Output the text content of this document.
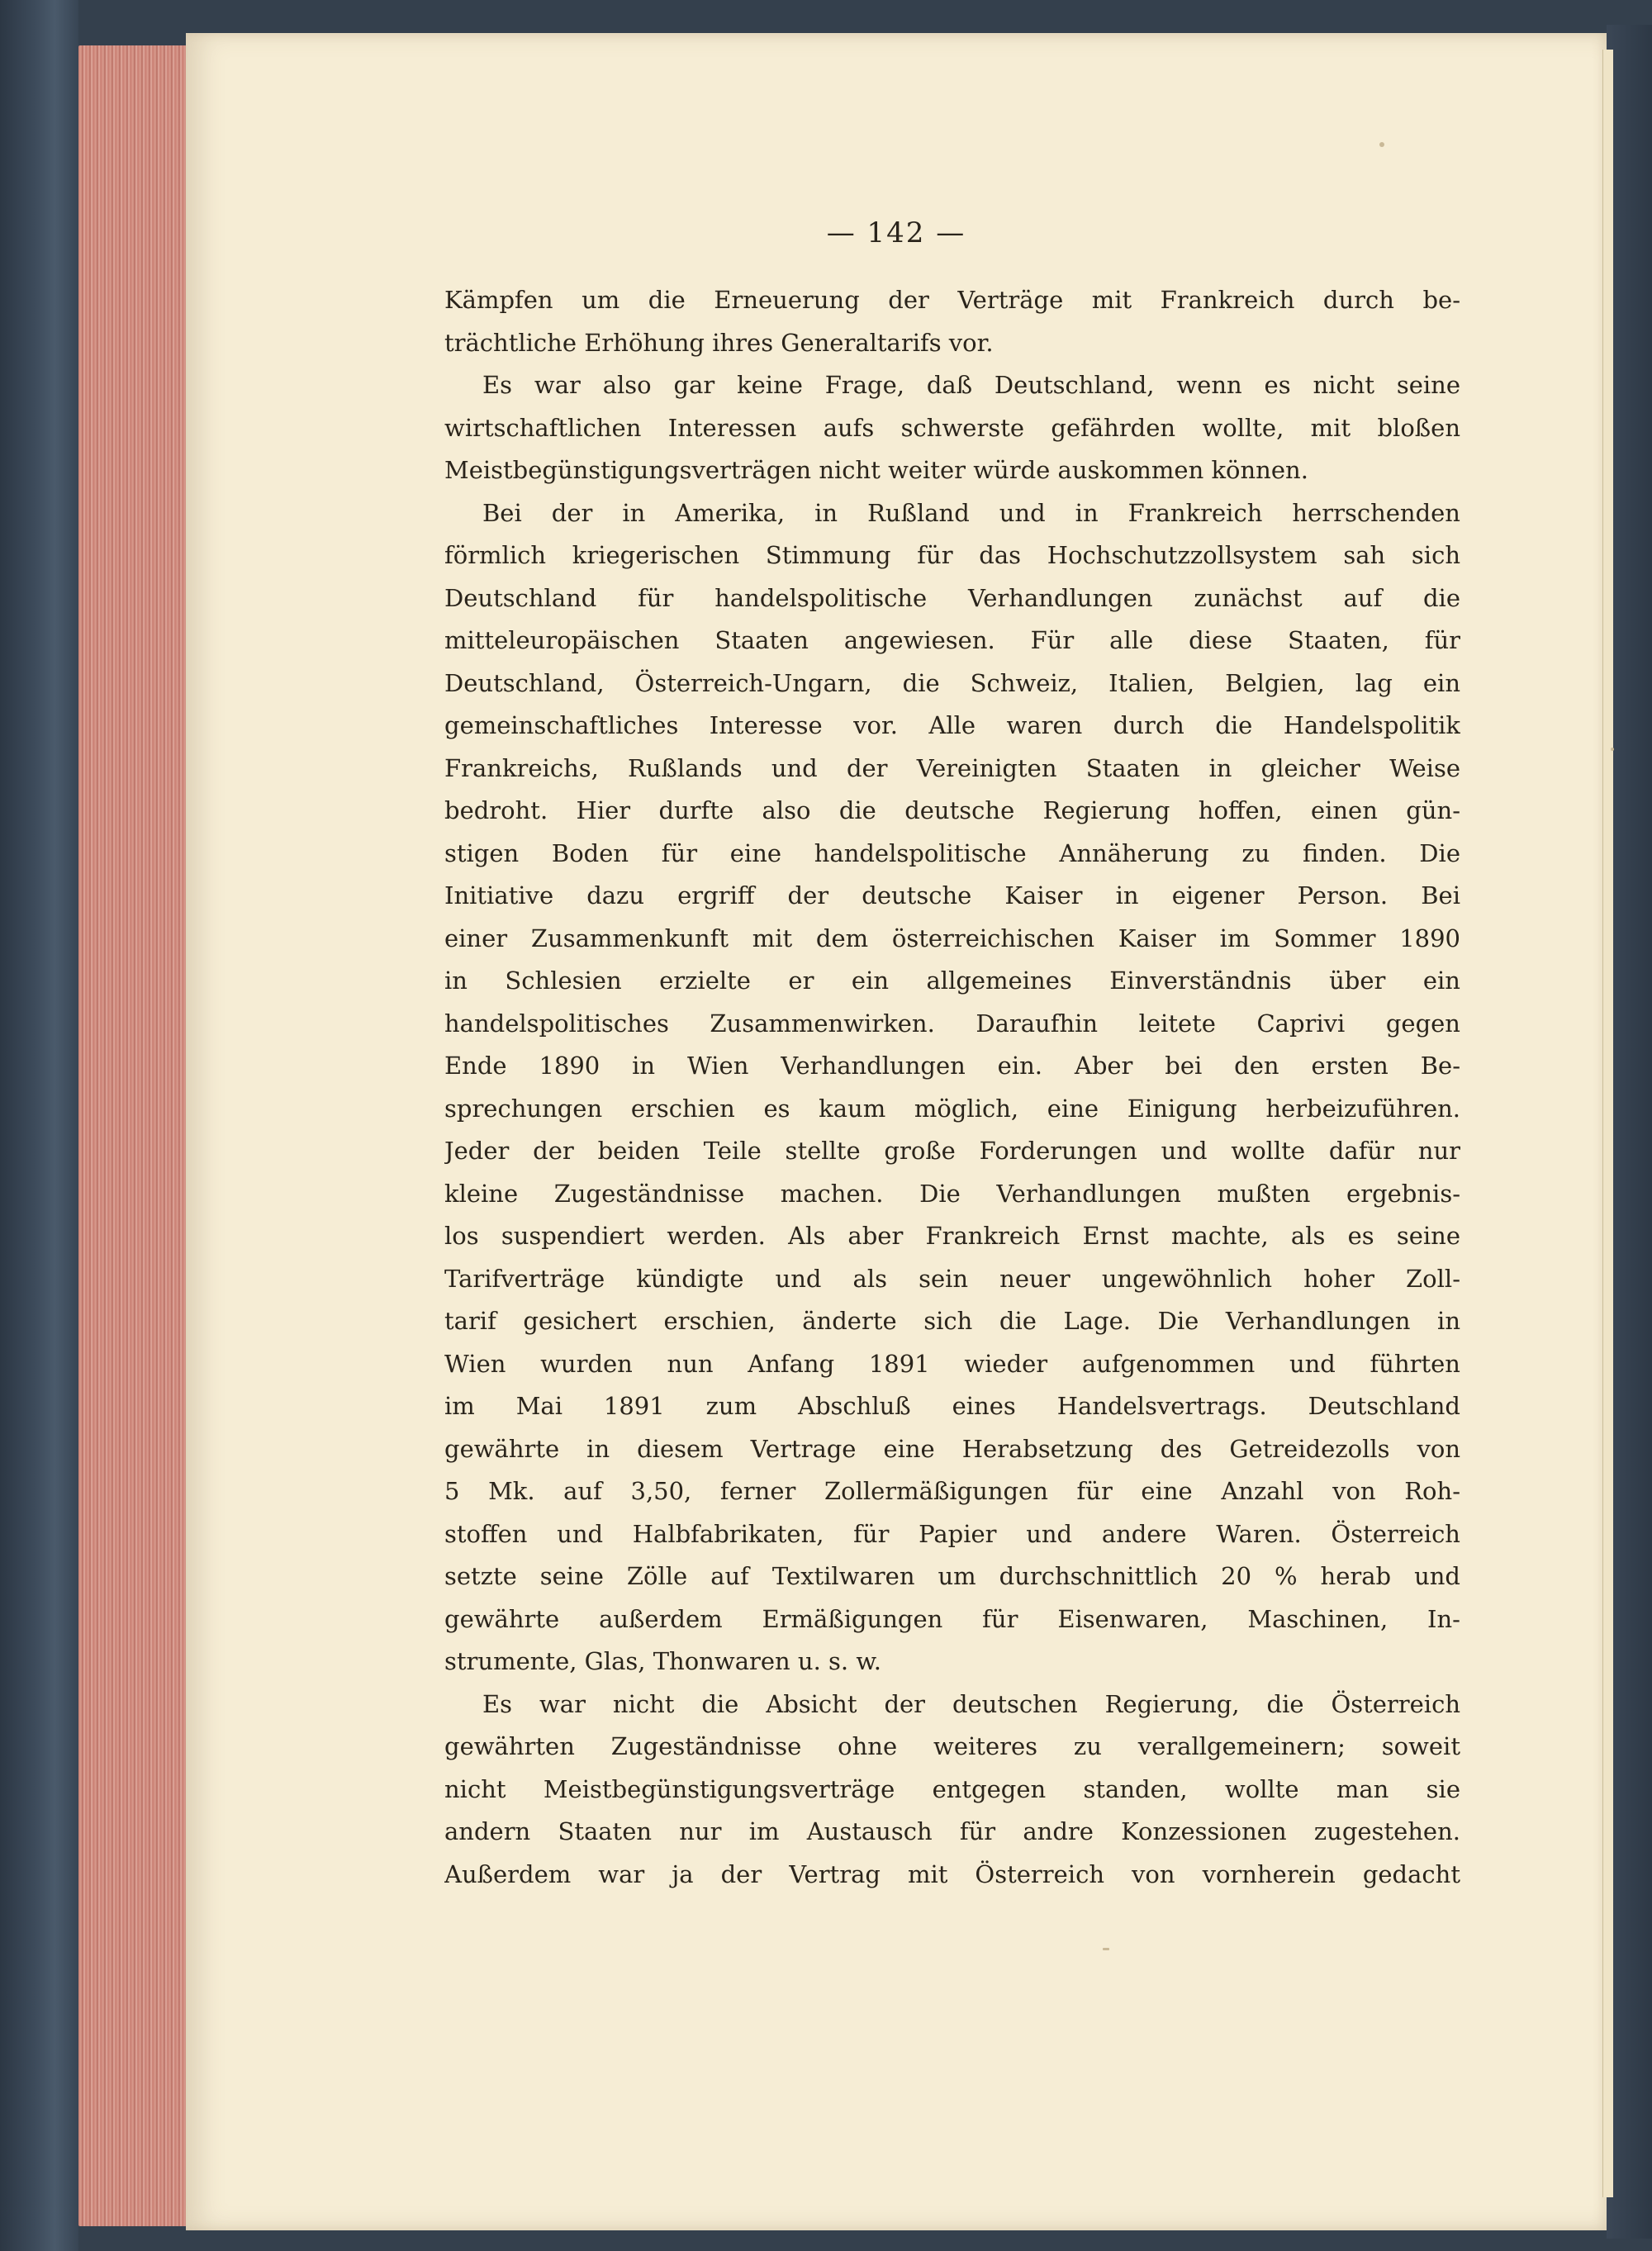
— 142 —
Kämpfen um die Erneuerung der Verträge mit Frankreich durch be-
trächtliche Erhöhung ihres Generaltarifs vor.
Es war also gar keine Frage, daß Deutschland, wenn es nicht seine
wirtschaftlichen Interessen aufs schwerste gefährden wollte, mit bloßen
Meistbegünstigungsverträgen nicht weiter würde auskommen können.
Bei der in Amerika, in Rußland und in Frankreich herrschenden
förmlich kriegerischen Stimmung für das Hochschutzzollsystem sah sich
Deutschland für handelspolitische Verhandlungen zunächst auf die
mitteleuropäischen Staaten angewiesen. Für alle diese Staaten, für
Deutschland, Österreich-Ungarn, die Schweiz, Italien, Belgien, lag ein
gemeinschaftliches Interesse vor. Alle waren durch die Handelspolitik
Frankreichs, Rußlands und der Vereinigten Staaten in gleicher Weise
bedroht. Hier durfte also die deutsche Regierung hoffen, einen gün-
stigen Boden für eine handelspolitische Annäherung zu finden. Die
Initiative dazu ergriff der deutsche Kaiser in eigener Person. Bei
einer Zusammenkunft mit dem österreichischen Kaiser im Sommer 1890
in Schlesien erzielte er ein allgemeines Einverständnis über ein
handelspolitisches Zusammenwirken. Daraufhin leitete Caprivi gegen
Ende 1890 in Wien Verhandlungen ein. Aber bei den ersten Be-
sprechungen erschien es kaum möglich, eine Einigung herbeizuführen.
Jeder der beiden Teile stellte große Forderungen und wollte dafür nur
kleine Zugeständnisse machen. Die Verhandlungen mußten ergebnis-
los suspendiert werden. Als aber Frankreich Ernst machte, als es seine
Tarifverträge kündigte und als sein neuer ungewöhnlich hoher Zoll-
tarif gesichert erschien, änderte sich die Lage. Die Verhandlungen in
Wien wurden nun Anfang 1891 wieder aufgenommen und führten
im Mai 1891 zum Abschluß eines Handelsvertrags. Deutschland
gewährte in diesem Vertrage eine Herabsetzung des Getreidezolls von
5 Mk. auf 3,50, ferner Zollermäßigungen für eine Anzahl von Roh-
stoffen und Halbfabrikaten, für Papier und andere Waren. Österreich
setzte seine Zölle auf Textilwaren um durchschnittlich 20 % herab und
gewährte außerdem Ermäßigungen für Eisenwaren, Maschinen, In-
strumente, Glas, Thonwaren u. s. w.
Es war nicht die Absicht der deutschen Regierung, die Österreich
gewährten Zugeständnisse ohne weiteres zu verallgemeinern; soweit
nicht Meistbegünstigungsverträge entgegen standen, wollte man sie
andern Staaten nur im Austausch für andre Konzessionen zugestehen.
Außerdem war ja der Vertrag mit Österreich von vornherein gedacht
